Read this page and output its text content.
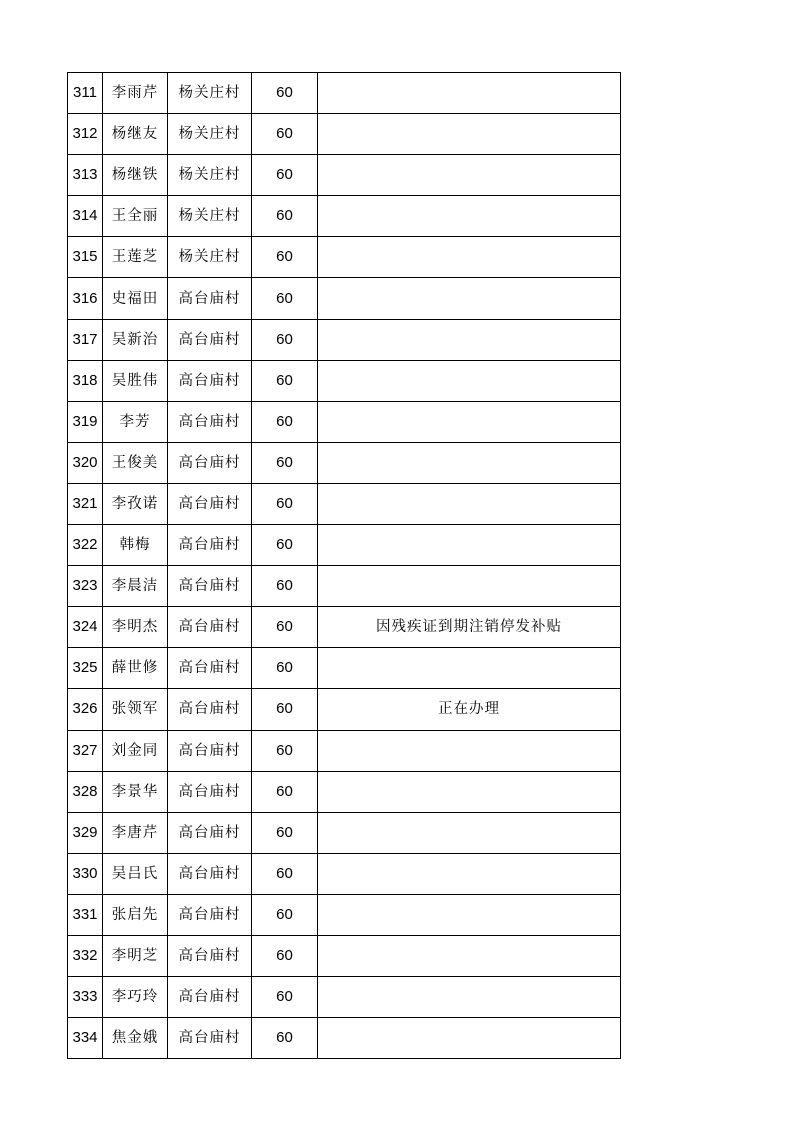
311	李雨芹	杨关庄村	60	
312	杨继友	杨关庄村	60	
313	杨继铁	杨关庄村	60	
314	王全丽	杨关庄村	60	
315	王莲芝	杨关庄村	60	
316	史福田	高台庙村	60	
317	吴新治	高台庙村	60	
318	吴胜伟	高台庙村	60	
319	李芳	高台庙村	60	
320	王俊美	高台庙村	60	
321	李孜诺	高台庙村	60	
322	韩梅	高台庙村	60	
323	李晨洁	高台庙村	60	
324	李明杰	高台庙村	60	因残疾证到期注销停发补贴
325	薛世修	高台庙村	60	
326	张领军	高台庙村	60	正在办理
327	刘金同	高台庙村	60	
328	李景华	高台庙村	60	
329	李唐芹	高台庙村	60	
330	吴吕氏	高台庙村	60	
331	张启先	高台庙村	60	
332	李明芝	高台庙村	60	
333	李巧玲	高台庙村	60	
334	焦金娥	高台庙村	60	
